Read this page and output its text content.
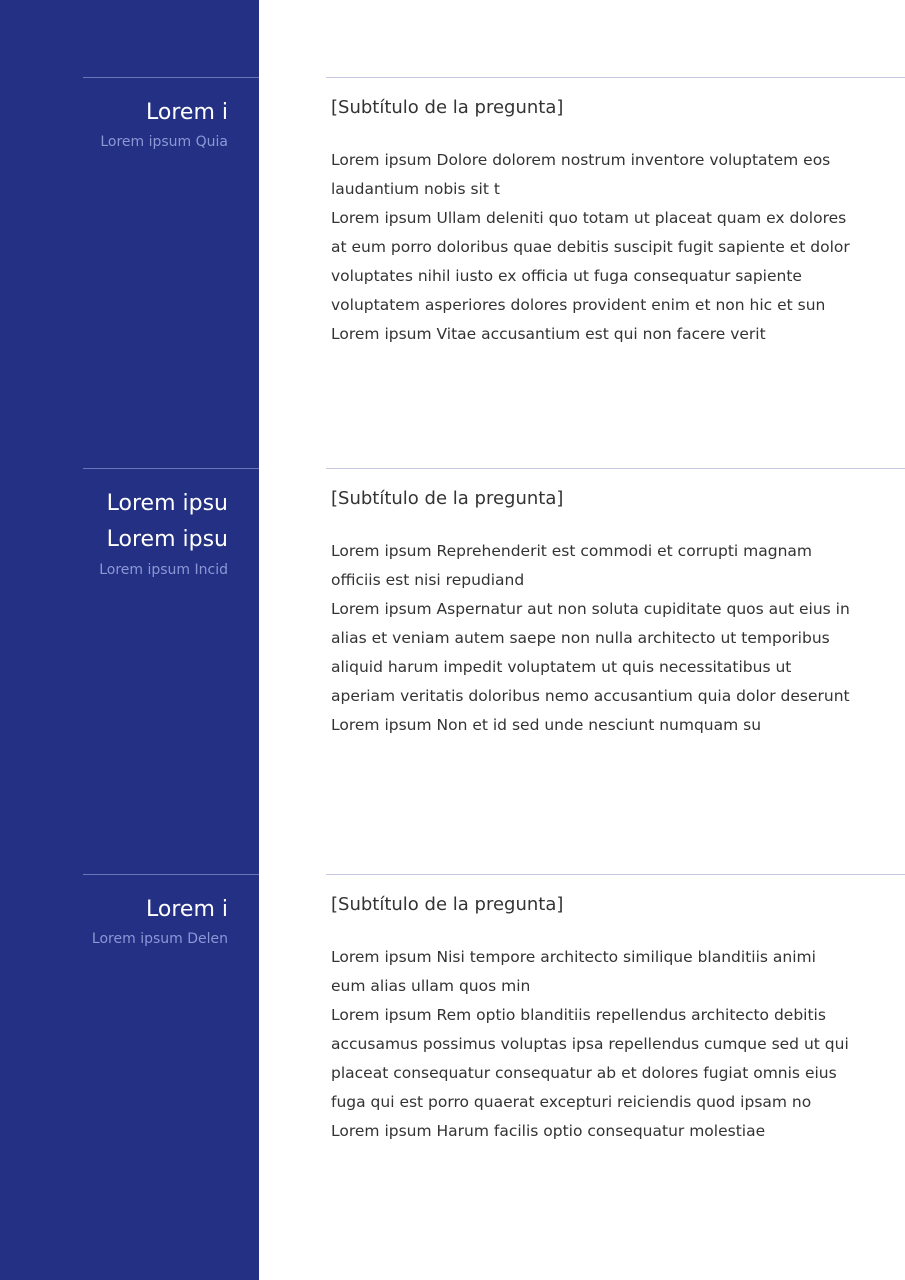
Lorem i
Lorem ipsum Quia
[Subtítulo de la pregunta]

Lorem ipsum Dolore dolorem nostrum inventore voluptatem eos laudantium nobis sit t

Lorem ipsum Ullam deleniti quo totam ut placeat quam ex dolores at eum porro doloribus quae debitis suscipit fugit sapiente et dolor voluptates nihil iusto ex officia ut fuga consequatur sapiente voluptatem asperiores dolores provident enim et non hic et sun

Lorem ipsum Vitae accusantium est qui non facere verit

Lorem ipsu
Lorem ipsu
Lorem ipsum Incid
[Subtítulo de la pregunta]

Lorem ipsum Reprehenderit est commodi et corrupti magnam officiis est nisi repudiand

Lorem ipsum Aspernatur aut non soluta cupiditate quos aut eius in alias et veniam autem saepe non nulla architecto ut temporibus aliquid harum impedit voluptatem ut quis necessitatibus ut aperiam veritatis doloribus nemo accusantium quia dolor deserunt

Lorem ipsum Non et id sed unde nesciunt numquam su

Lorem i
Lorem ipsum Delen
[Subtítulo de la pregunta]

Lorem ipsum Nisi tempore architecto similique blanditiis animi eum alias ullam quos min

Lorem ipsum Rem optio blanditiis repellendus architecto debitis accusamus possimus voluptas ipsa repellendus cumque sed ut qui placeat consequatur consequatur ab et dolores fugiat omnis eius fuga qui est porro quaerat excepturi reiciendis quod ipsam no

Lorem ipsum Harum facilis optio consequatur molestiae
